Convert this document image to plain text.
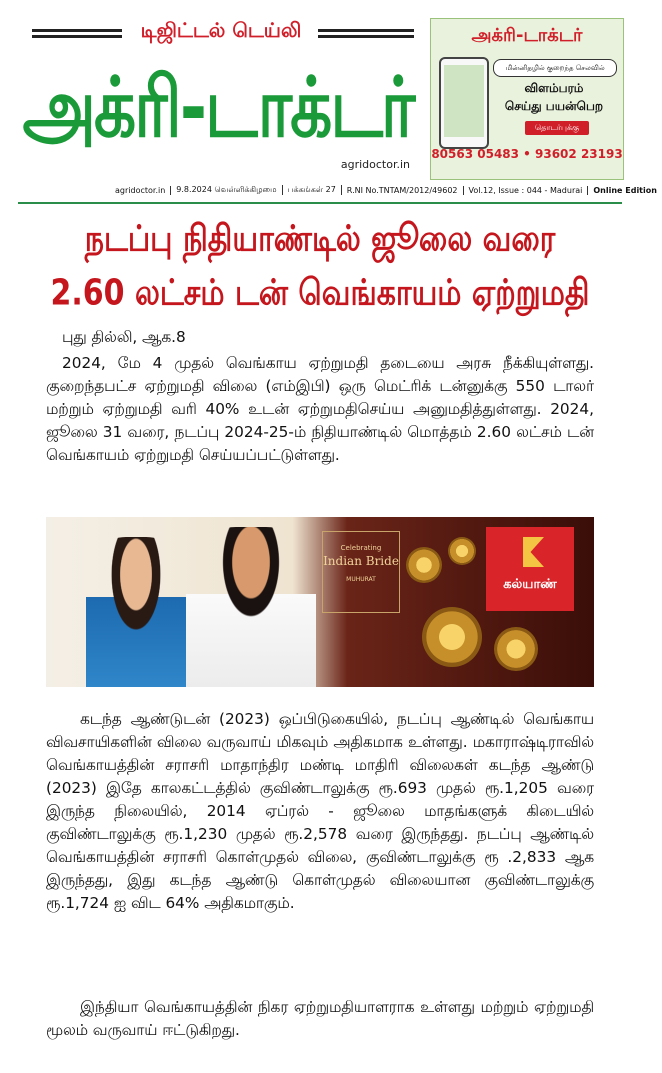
டிஜிட்டல் டெய்லி
அக்ரி-டாக்டர்
agridoctor.in
அக்ரி-டாக்டர்
மின்னிதழில் குறைந்த செலவில்
விளம்பரம்
செய்து பயன்பெற
தொடர்புக்கு
80563 05483 • 93602 23193
agridoctor.in	9.8.2024 வெள்ளிக்கிழமை	பக்கங்கள் 27	R.NI No.TNTAM/2012/49602	Vol.12, Issue : 044 - Madurai	Online Edition
நடப்பு நிதியாண்டில் ஜூலை வரை
2.60 லட்சம் டன் வெங்காயம் ஏற்றுமதி
புது தில்லி, ஆக.8
2024, மே 4 முதல் வெங்காய ஏற்றுமதி தடையை அரசு நீக்கியுள்ளது. குறைந்தபட்ச ஏற்றுமதி விலை (எம்இபி) ஒரு மெட்ரிக் டன்னுக்கு 550 டாலர் மற்றும் ஏற்றுமதி வரி 40% உடன் ஏற்றுமதிசெய்ய அனுமதித்துள்ளது. 2024, ஜூலை 31 வரை, நடப்பு 2024-25-ம் நிதியாண்டில் மொத்தம் 2.60 லட்சம் டன் வெங்காயம் ஏற்றுமதி செய்யப்பட்டுள்ளது.
Celebrating
Indian Bride
MUHURAT	கல்யாண்
கடந்த ஆண்டுடன் (2023) ஒப்பிடுகையில், நடப்பு ஆண்டில் வெங்காய விவசாயிகளின் விலை வருவாய் மிகவும் அதிகமாக உள்ளது. மகாராஷ்டிராவில் வெங்காயத்தின் சராசரி மாதாந்திர மண்டி மாதிரி விலைகள் கடந்த ஆண்டு (2023) இதே காலகட்டத்தில் குவிண்டாலுக்கு ரூ.693 முதல் ரூ.1,205 வரை இருந்த நிலையில், 2014 ஏப்ரல் - ஜூலை மாதங்களுக் கிடையில் குவிண்டாலுக்கு ரூ.1,230 முதல் ரூ.2,578 வரை இருந்தது. நடப்பு ஆண்டில் வெங்காயத்தின் சராசரி கொள்முதல் விலை, குவிண்டாலுக்கு ரூ .2,833 ஆக இருந்தது, இது கடந்த ஆண்டு கொள்முதல் விலையான குவிண்டாலுக்கு ரூ.1,724 ஐ விட 64% அதிகமாகும்.
இந்தியா வெங்காயத்தின் நிகர ஏற்றுமதியாளராக உள்ளது மற்றும் ஏற்றுமதி மூலம் வருவாய் ஈட்டுகிறது.
